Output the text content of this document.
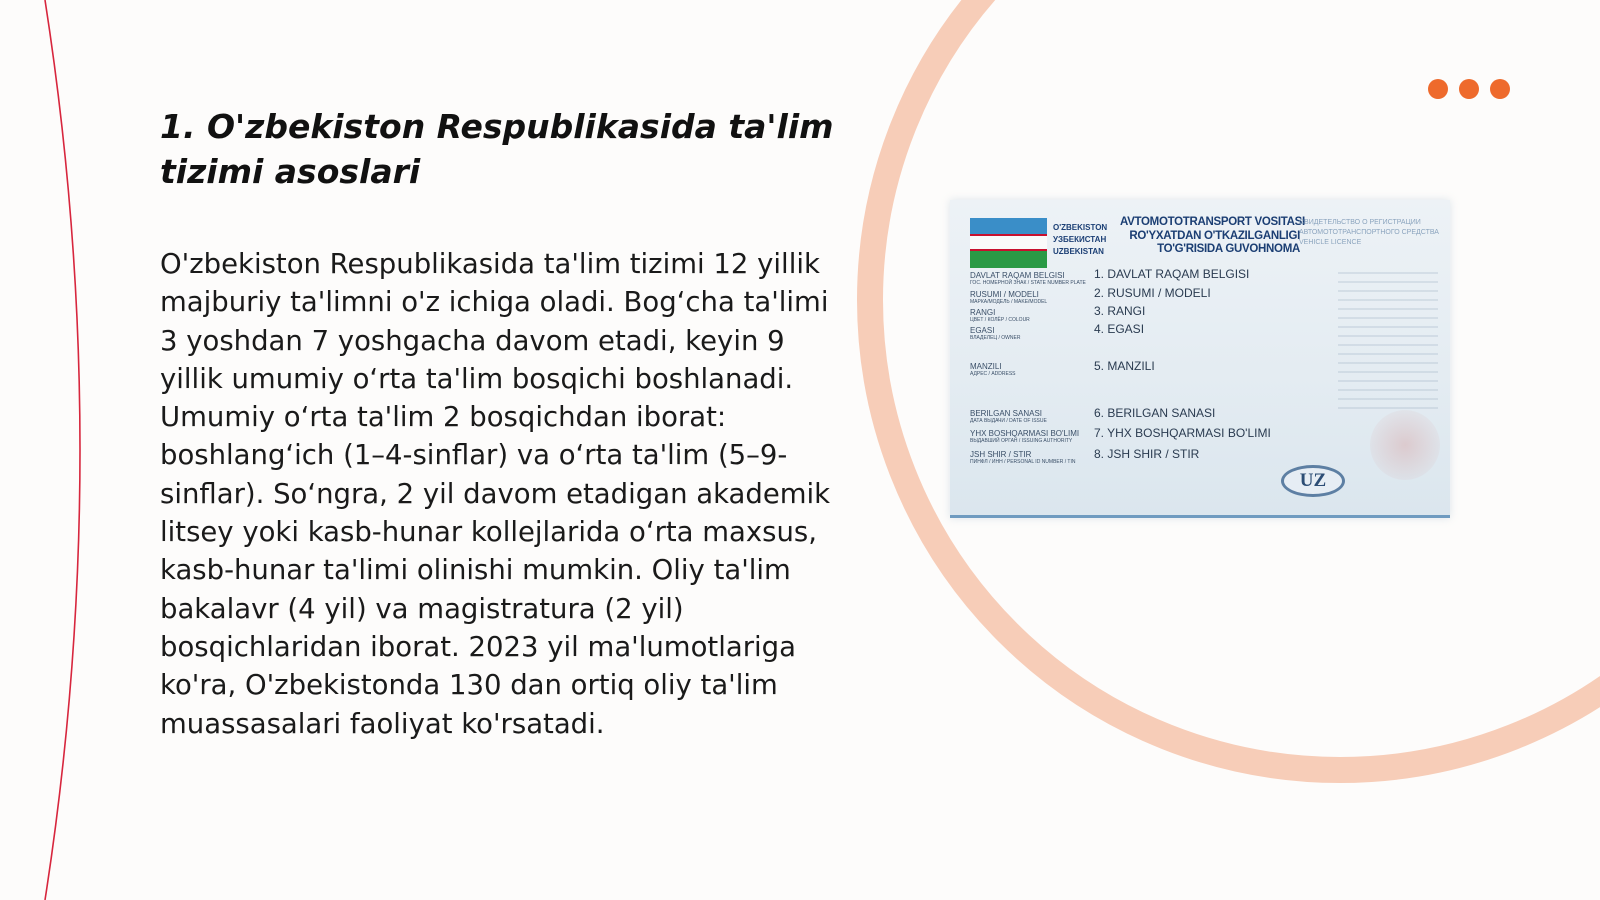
1. O'zbekiston Respublikasida ta'lim tizimi asoslari

O'zbekiston Respublikasida ta'lim tizimi 12 yillik majburiy ta'limni o'z ichiga oladi. Bog‘cha ta'limi 3 yoshdan 7 yoshgacha davom etadi, keyin 9 yillik umumiy o‘rta ta'lim bosqichi boshlanadi. Umumiy o‘rta ta'lim 2 bosqichdan iborat: boshlang‘ich (1–4-sinflar) va o‘rta ta'lim (5–9-sinflar). So‘ngra, 2 yil davom etadigan akademik litsey yoki kasb-hunar kollejlarida o‘rta maxsus, kasb-hunar ta'limi olinishi mumkin. Oliy ta'lim bakalavr (4 yil) va magistratura (2 yil) bosqichlaridan iborat. 2023 yil ma'lumotlariga ko'ra, O'zbekistonda 130 dan ortiq oliy ta'lim muassasalari faoliyat ko'rsatadi.

O'ZBEKISTON
УЗБЕКИСТАН
UZBEKISTAN
AVTOMOTOTRANSPORT VOSITASI
RO'YXATDAN O'TKAZILGANLIGI
TO'G'RISIDA GUVOHNOMA
СВИДЕТЕЛЬСТВО О РЕГИСТРАЦИИ
АВТОМОТОТРАНСПОРТНОГО СРЕДСТВА
VEHICLE LICENCE
DAVLAT RAQAM BELGISI
ГОС. НОМЕРНОЙ ЗНАК / STATE NUMBER PLATE
RUSUMI / MODELI
МАРКА/МОДЕЛЬ / MAKE/MODEL
RANGI
ЦВЕТ / КОЛЁР / COLOUR
EGASI
ВЛАДЕЛЕЦ / OWNER
MANZILI
АДРЕС / ADDRESS
BERILGAN SANASI
ДАТА ВЫДАЧИ / DATE OF ISSUE
YHX BOSHQARMASI BO'LIMI
ВЫДАВШИЙ ОРГАН / ISSUING AUTHORITY
JSH SHIR / STIR
ПИНФЛ / ИНН / PERSONAL ID NUMBER / TIN
1. DAVLAT RAQAM BELGISI
2. RUSUMI / MODELI
3. RANGI
4. EGASI
5. MANZILI
6. BERILGAN SANASI
7. YHX BOSHQARMASI BO'LIMI
8. JSH SHIR / STIR
UZ
